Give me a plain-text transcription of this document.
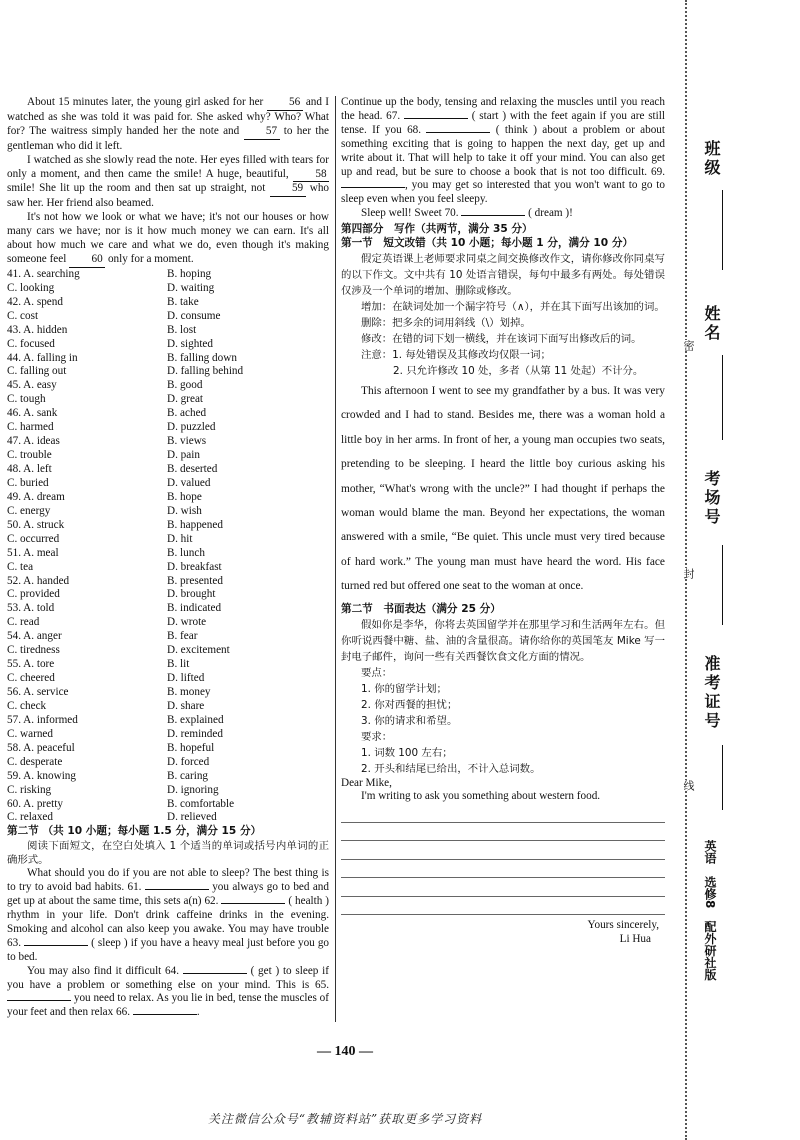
About 15 minutes later, the young girl asked for her 56 and I watched as she was told it was paid for. She asked why? Who? What for? The waitress simply handed her the note and 57 to her the gentleman who did it left.

I watched as she slowly read the note. Her eyes filled with tears for only a moment, and then came the smile! A huge, beautiful, 58 smile! She lit up the room and then sat up straight, not 59 who saw her. Her friend also beamed.

It's not how we look or what we have; it's not our houses or how many cars we have; nor is it how much money we can earn. It's all about how much we care and what we do, even though it's making someone feel 60 only for a moment.

41. A. searching	B. hoping
C. looking	D. waiting
42. A. spend	B. take
C. cost	D. consume
43. A. hidden	B. lost
C. focused	D. sighted
44. A. falling in	B. falling down
C. falling out	D. falling behind
45. A. easy	B. good
C. tough	D. great
46. A. sank	B. ached
C. harmed	D. puzzled
47. A. ideas	B. views
C. trouble	D. pain
48. A. left	B. deserted
C. buried	D. valued
49. A. dream	B. hope
C. energy	D. wish
50. A. struck	B. happened
C. occurred	D. hit
51. A. meal	B. lunch
C. tea	D. breakfast
52. A. handed	B. presented
C. provided	D. brought
53. A. told	B. indicated
C. read	D. wrote
54. A. anger	B. fear
C. tiredness	D. excitement
55. A. tore	B. lit
C. cheered	D. lifted
56. A. service	B. money
C. check	D. share
57. A. informed	B. explained
C. warned	D. reminded
58. A. peaceful	B. hopeful
C. desperate	D. forced
59. A. knowing	B. caring
C. risking	D. ignoring
60. A. pretty	B. comfortable
C. relaxed	D. relieved

第二节 （共 10 小题；每小题 1.5 分，满分 15 分）

阅读下面短文，在空白处填入 1 个适当的单词或括号内单词的正确形式。

What should you do if you are not able to sleep? The best thing is to try to avoid bad habits. 61.	you always go to bed and get up at about the same time, this sets a(n) 62.	( health ) rhythm in your life. Don't drink caffeine drinks in the evening. Smoking and alcohol can also keep you awake. You may have trouble 63.	( sleep ) if you have a heavy meal just before you go to bed.

You may also find it difficult 64.	( get ) to sleep if you have a problem or something else on your mind. This is 65.  you need to relax. As you lie in bed, tense the muscles of your feet and then relax 66.	.

Continue up the body, tensing and relaxing the muscles until you reach the head. 67.	( start ) with the feet again if you are still tense. If you 68.	( think ) about a problem or about something exciting that is going to happen the next day, get up and write about it. That will help to take it off your mind. You can also get up and read, but be sure to choose a book that is not too difficult. 69. , you may get so interested that you won't want to go to sleep even when you feel sleepy.

Sleep well! Sweet 70.	( dream )!

第四部分　写作（共两节，满分 35 分）

第一节　短文改错（共 10 小题；每小题 1 分，满分 10 分）

假定英语课上老师要求同桌之间交换修改作文，请你修改你同桌写的以下作文。文中共有 10 处语言错误，每句中最多有两处。每处错误仅涉及一个单词的增加、删除或修改。

增加：在缺词处加一个漏字符号（∧），并在其下面写出该加的词。

删除：把多余的词用斜线（\）划掉。

修改：在错的词下划一横线，并在该词下面写出修改后的词。

注意：1. 每处错误及其修改均仅限一词；

2. 只允许修改 10 处，多者（从第 11 处起）不计分。

This afternoon I went to see my grandfather by a bus. It was very crowded and I had to stand. Besides me, there was a woman hold a little boy in her arms. In front of her, a young man occupies two seats, pretending to be sleeping. I heard the little boy curious asking his mother, “What's wrong with the uncle?” I had thought if perhaps the woman would blame the man. Beyond her expectations, the woman answered with a smile, “Be quiet. This uncle must very tired because of hard work.” The young man must have heard the word. His face turned red but offered one seat to the woman at once.

第二节　书面表达（满分 25 分）

假如你是李华，你将去英国留学并在那里学习和生活两年左右。但你听说西餐中糖、盐、油的含量很高。请你给你的英国笔友 Mike 写一封电子邮件，询问一些有关西餐饮食文化方面的情况。

要点：

1. 你的留学计划；

2. 你对西餐的担忧；

3. 你的请求和希望。

要求：

1. 词数 100 左右；

2. 开头和结尾已给出，不计入总词数。

Dear Mike,

I'm writing to ask you something about western food.

Yours sincerely,

Li Hua

— 140 —
关注微信公众号“教辅资料站”获取更多学习资料
班级
姓名
密
考场号
封
准考证号
线
英语　选修8　配外研社版
